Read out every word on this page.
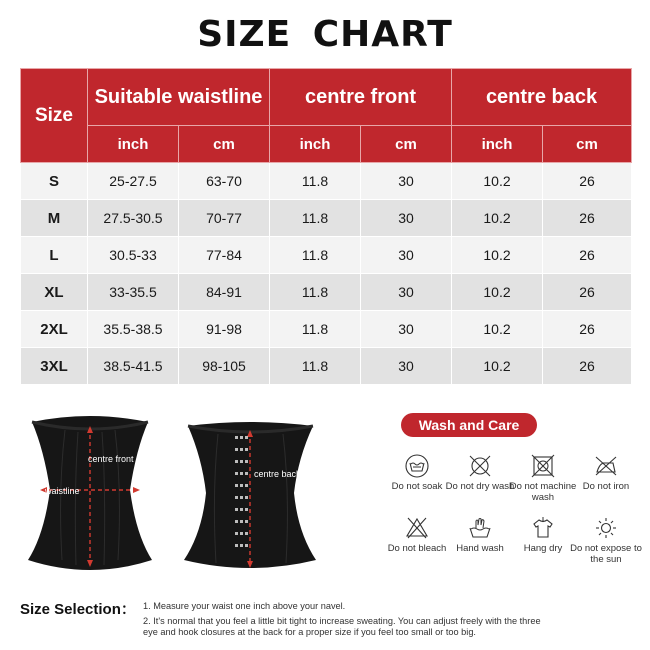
SIZE CHART
Size	Suitable waistline		centre front		centre back	
	inch	cm	inch	cm	inch	cm
S	25-27.5	63-70	11.8	30	10.2	26
M	27.5-30.5	70-77	11.8	30	10.2	26
L	30.5-33	77-84	11.8	30	10.2	26
XL	33-35.5	84-91	11.8	30	10.2	26
2XL	35.5-38.5	91-98	11.8	30	10.2	26
3XL	38.5-41.5	98-105	11.8	30	10.2	26
centre front
waistline
centre back
Wash and Care
Do not soak Do not dry wash
Do not machine wash
Do not iron
Do not bleach	Hand wash	Hang dry Do not expose to the sun
Size Selection： 1. Measure your waist one inch above your navel.
2. It's normal that you feel a little bit tight to increase sweating. You can adjust freely with the three eye and hook closures at the back for a proper size if you feel too small or too big.
